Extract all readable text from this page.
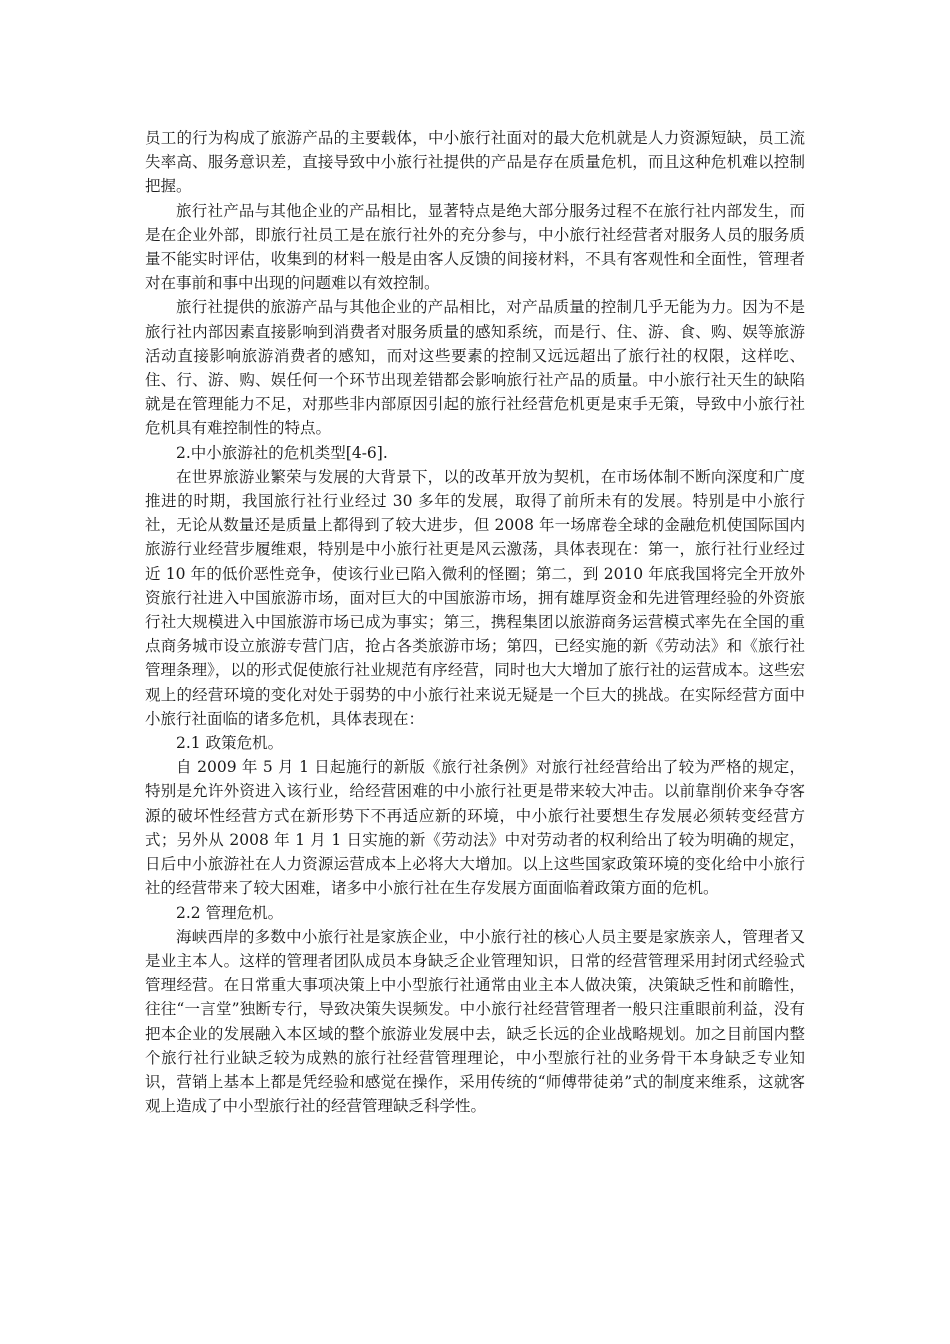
员工的行为构成了旅游产品的主要载体，中小旅行社面对的最大危机就是人力资源短缺，员工流失率高、服务意识差，直接导致中小旅行社提供的产品是存在质量危机，而且这种危机难以控制把握。

旅行社产品与其他企业的产品相比，显著特点是绝大部分服务过程不在旅行社内部发生，而是在企业外部，即旅行社员工是在旅行社外的充分参与，中小旅行社经营者对服务人员的服务质量不能实时评估，收集到的材料一般是由客人反馈的间接材料，不具有客观性和全面性，管理者对在事前和事中出现的问题难以有效控制。

旅行社提供的旅游产品与其他企业的产品相比，对产品质量的控制几乎无能为力。因为不是旅行社内部因素直接影响到消费者对服务质量的感知系统，而是行、住、游、食、购、娱等旅游活动直接影响旅游消费者的感知，而对这些要素的控制又远远超出了旅行社的权限，这样吃、住、行、游、购、娱任何一个环节出现差错都会影响旅行社产品的质量。中小旅行社天生的缺陷就是在管理能力不足，对那些非内部原因引起的旅行社经营危机更是束手无策，导致中小旅行社危机具有难控制性的特点。

2.中小旅游社的危机类型[4-6].

在世界旅游业繁荣与发展的大背景下，以的改革开放为契机，在市场体制不断向深度和广度推进的时期，我国旅行社行业经过 30 多年的发展，取得了前所未有的发展。特别是中小旅行社，无论从数量还是质量上都得到了较大进步，但 2008 年一场席卷全球的金融危机使国际国内旅游行业经营步履维艰，特别是中小旅行社更是风云激荡，具体表现在：第一，旅行社行业经过近 10 年的低价恶性竞争，使该行业已陷入微利的怪圈；第二，到 2010 年底我国将完全开放外资旅行社进入中国旅游市场，面对巨大的中国旅游市场，拥有雄厚资金和先进管理经验的外资旅行社大规模进入中国旅游市场已成为事实；第三，携程集团以旅游商务运营模式率先在全国的重点商务城市设立旅游专营门店，抢占各类旅游市场；第四，已经实施的新《劳动法》和《旅行社管理条理》，以的形式促使旅行社业规范有序经营，同时也大大增加了旅行社的运营成本。这些宏观上的经营环境的变化对处于弱势的中小旅行社来说无疑是一个巨大的挑战。在实际经营方面中小旅行社面临的诸多危机，具体表现在：

2.1 政策危机。

自 2009 年 5 月 1 日起施行的新版《旅行社条例》对旅行社经营给出了较为严格的规定，特别是允许外资进入该行业，给经营困难的中小旅行社更是带来较大冲击。以前靠削价来争夺客源的破坏性经营方式在新形势下不再适应新的环境，中小旅行社要想生存发展必须转变经营方式；另外从 2008 年 1 月 1 日实施的新《劳动法》中对劳动者的权利给出了较为明确的规定，日后中小旅游社在人力资源运营成本上必将大大增加。以上这些国家政策环境的变化给中小旅行社的经营带来了较大困难，诸多中小旅行社在生存发展方面面临着政策方面的危机。

2.2 管理危机。

海峡西岸的多数中小旅行社是家族企业，中小旅行社的核心人员主要是家族亲人，管理者又是业主本人。这样的管理者团队成员本身缺乏企业管理知识，日常的经营管理采用封闭式经验式管理经营。在日常重大事项决策上中小型旅行社通常由业主本人做决策，决策缺乏性和前瞻性，往往“一言堂”独断专行，导致决策失误频发。中小旅行社经营管理者一般只注重眼前利益，没有把本企业的发展融入本区域的整个旅游业发展中去，缺乏长远的企业战略规划。加之目前国内整个旅行社行业缺乏较为成熟的旅行社经营管理理论，中小型旅行社的业务骨干本身缺乏专业知识，营销上基本上都是凭经验和感觉在操作，采用传统的“师傅带徒弟”式的制度来维系，这就客观上造成了中小型旅行社的经营管理缺乏科学性。
